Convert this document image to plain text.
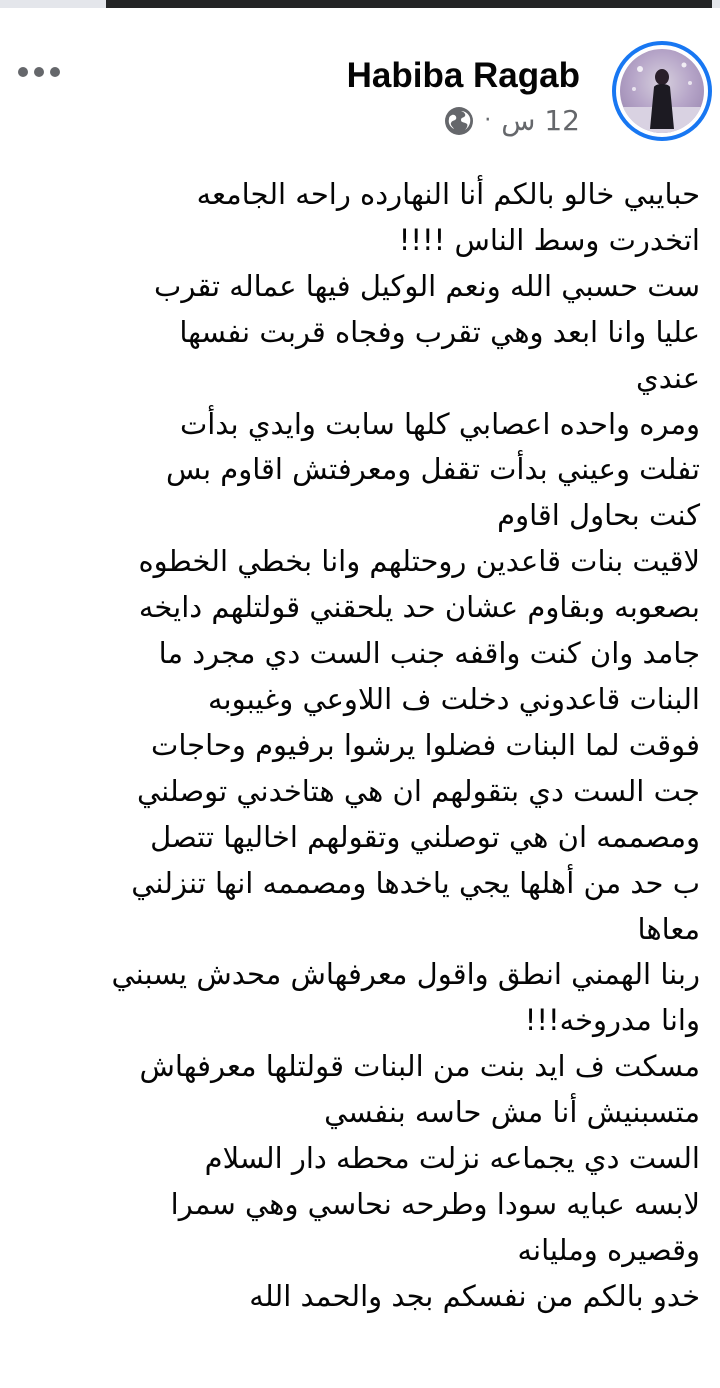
Habiba Ragab
· 12 س
حبايبي خالو بالكم أنا النهارده راحه الجامعه
اتخدرت وسط الناس !!!!
ست حسبي الله ونعم الوكيل فيها عماله تقرب
عليا وانا ابعد وهي تقرب وفجاه قربت نفسها
عندي
ومره واحده اعصابي كلها سابت وايدي بدأت
تفلت وعيني بدأت تقفل ومعرفتش اقاوم بس
كنت بحاول اقاوم
لاقيت بنات قاعدين روحتلهم وانا بخطي الخطوه
بصعوبه وبقاوم عشان حد يلحقني قولتلهم دايخه
جامد وان كنت واقفه جنب الست دي مجرد ما
البنات قاعدوني دخلت ف اللاوعي وغيبوبه
فوقت لما البنات فضلوا يرشوا برفيوم وحاجات
جت الست دي بتقولهم ان هي هتاخدني توصلني
ومصممه ان هي توصلني وتقولهم اخاليها تتصل
ب حد من أهلها يجي ياخدها ومصممه انها تنزلني
معاها
ربنا الهمني انطق واقول معرفهاش محدش يسبني
وانا مدروخه!!!
مسكت ف ايد بنت من البنات قولتلها معرفهاش
متسبنيش أنا مش حاسه بنفسي
الست دي يجماعه نزلت محطه دار السلام
لابسه عبايه سودا وطرحه نحاسي وهي سمرا
وقصيره ومليانه
خدو بالكم من نفسكم بجد والحمد الله
